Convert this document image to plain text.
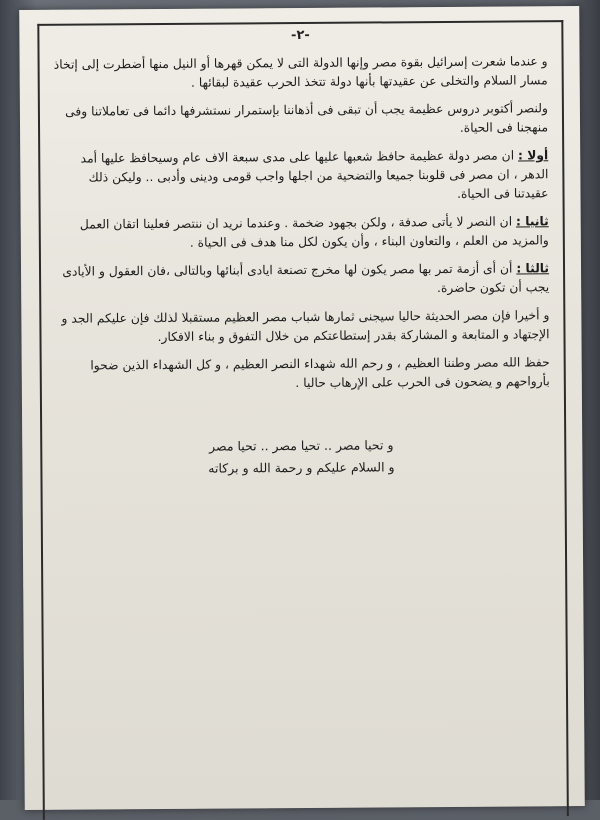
-٢-

و عندما شعرت إسرائيل بقوة مصر وإنها الدولة التى لا يمكن قهرها أو النيل منها أضطرت إلى إتخاذ مسار السلام والتخلى عن عقيدتها بأنها دولة تتخذ الحرب عقيدة لبقائها .

ولنصر أكتوبر دروس عظيمة يجب أن تبقى فى أذهاننا بإستمرار نستشرفها دائما فى تعاملاتنا وفى منهجنا فى الحياة.

أولا : ان مصر دولة عظيمة حافظ شعبها عليها على مدى سبعة الاف عام وسيحافظ عليها أمد الدهر ، ان مصر فى قلوبنا جميعا والتضحية من اجلها واجب قومى ودينى وأدبى .. وليكن ذلك عقيدتنا فى الحياة.

ثانيا : ان النصر لا يأتى صدفة ، ولكن بجهود ضخمة . وعندما نريد ان ننتصر فعلينا اتقان العمل والمزيد من العلم ، والتعاون البناء ، وأن يكون لكل منا هدف فى الحياة .

ثالثا : أن أى أزمة تمر بها مصر يكون لها مخرج تصنعة ايادى أبنائها وبالتالى ،فان العقول و الأيادى يجب أن تكون حاضرة.

و أخيرا فإن مصر الحديثة حاليا سيجنى ثمارها شباب مصر العظيم مستقبلا لذلك فإن عليكم الجد و الإجتهاد و المتابعة و المشاركة بقدر إستطاعتكم من خلال التفوق و بناء الافكار.

حفظ الله مصر وطننا العظيم ، و رحم الله شهداء النصر العظيم ، و كل الشهداء الذين ضحوا بأرواحهم و يضحون فى الحرب على الإرهاب حاليا .

و تحيا مصر .. تحيا مصر .. تحيا مصر
و السلام عليكم و رحمة الله و بركاته
